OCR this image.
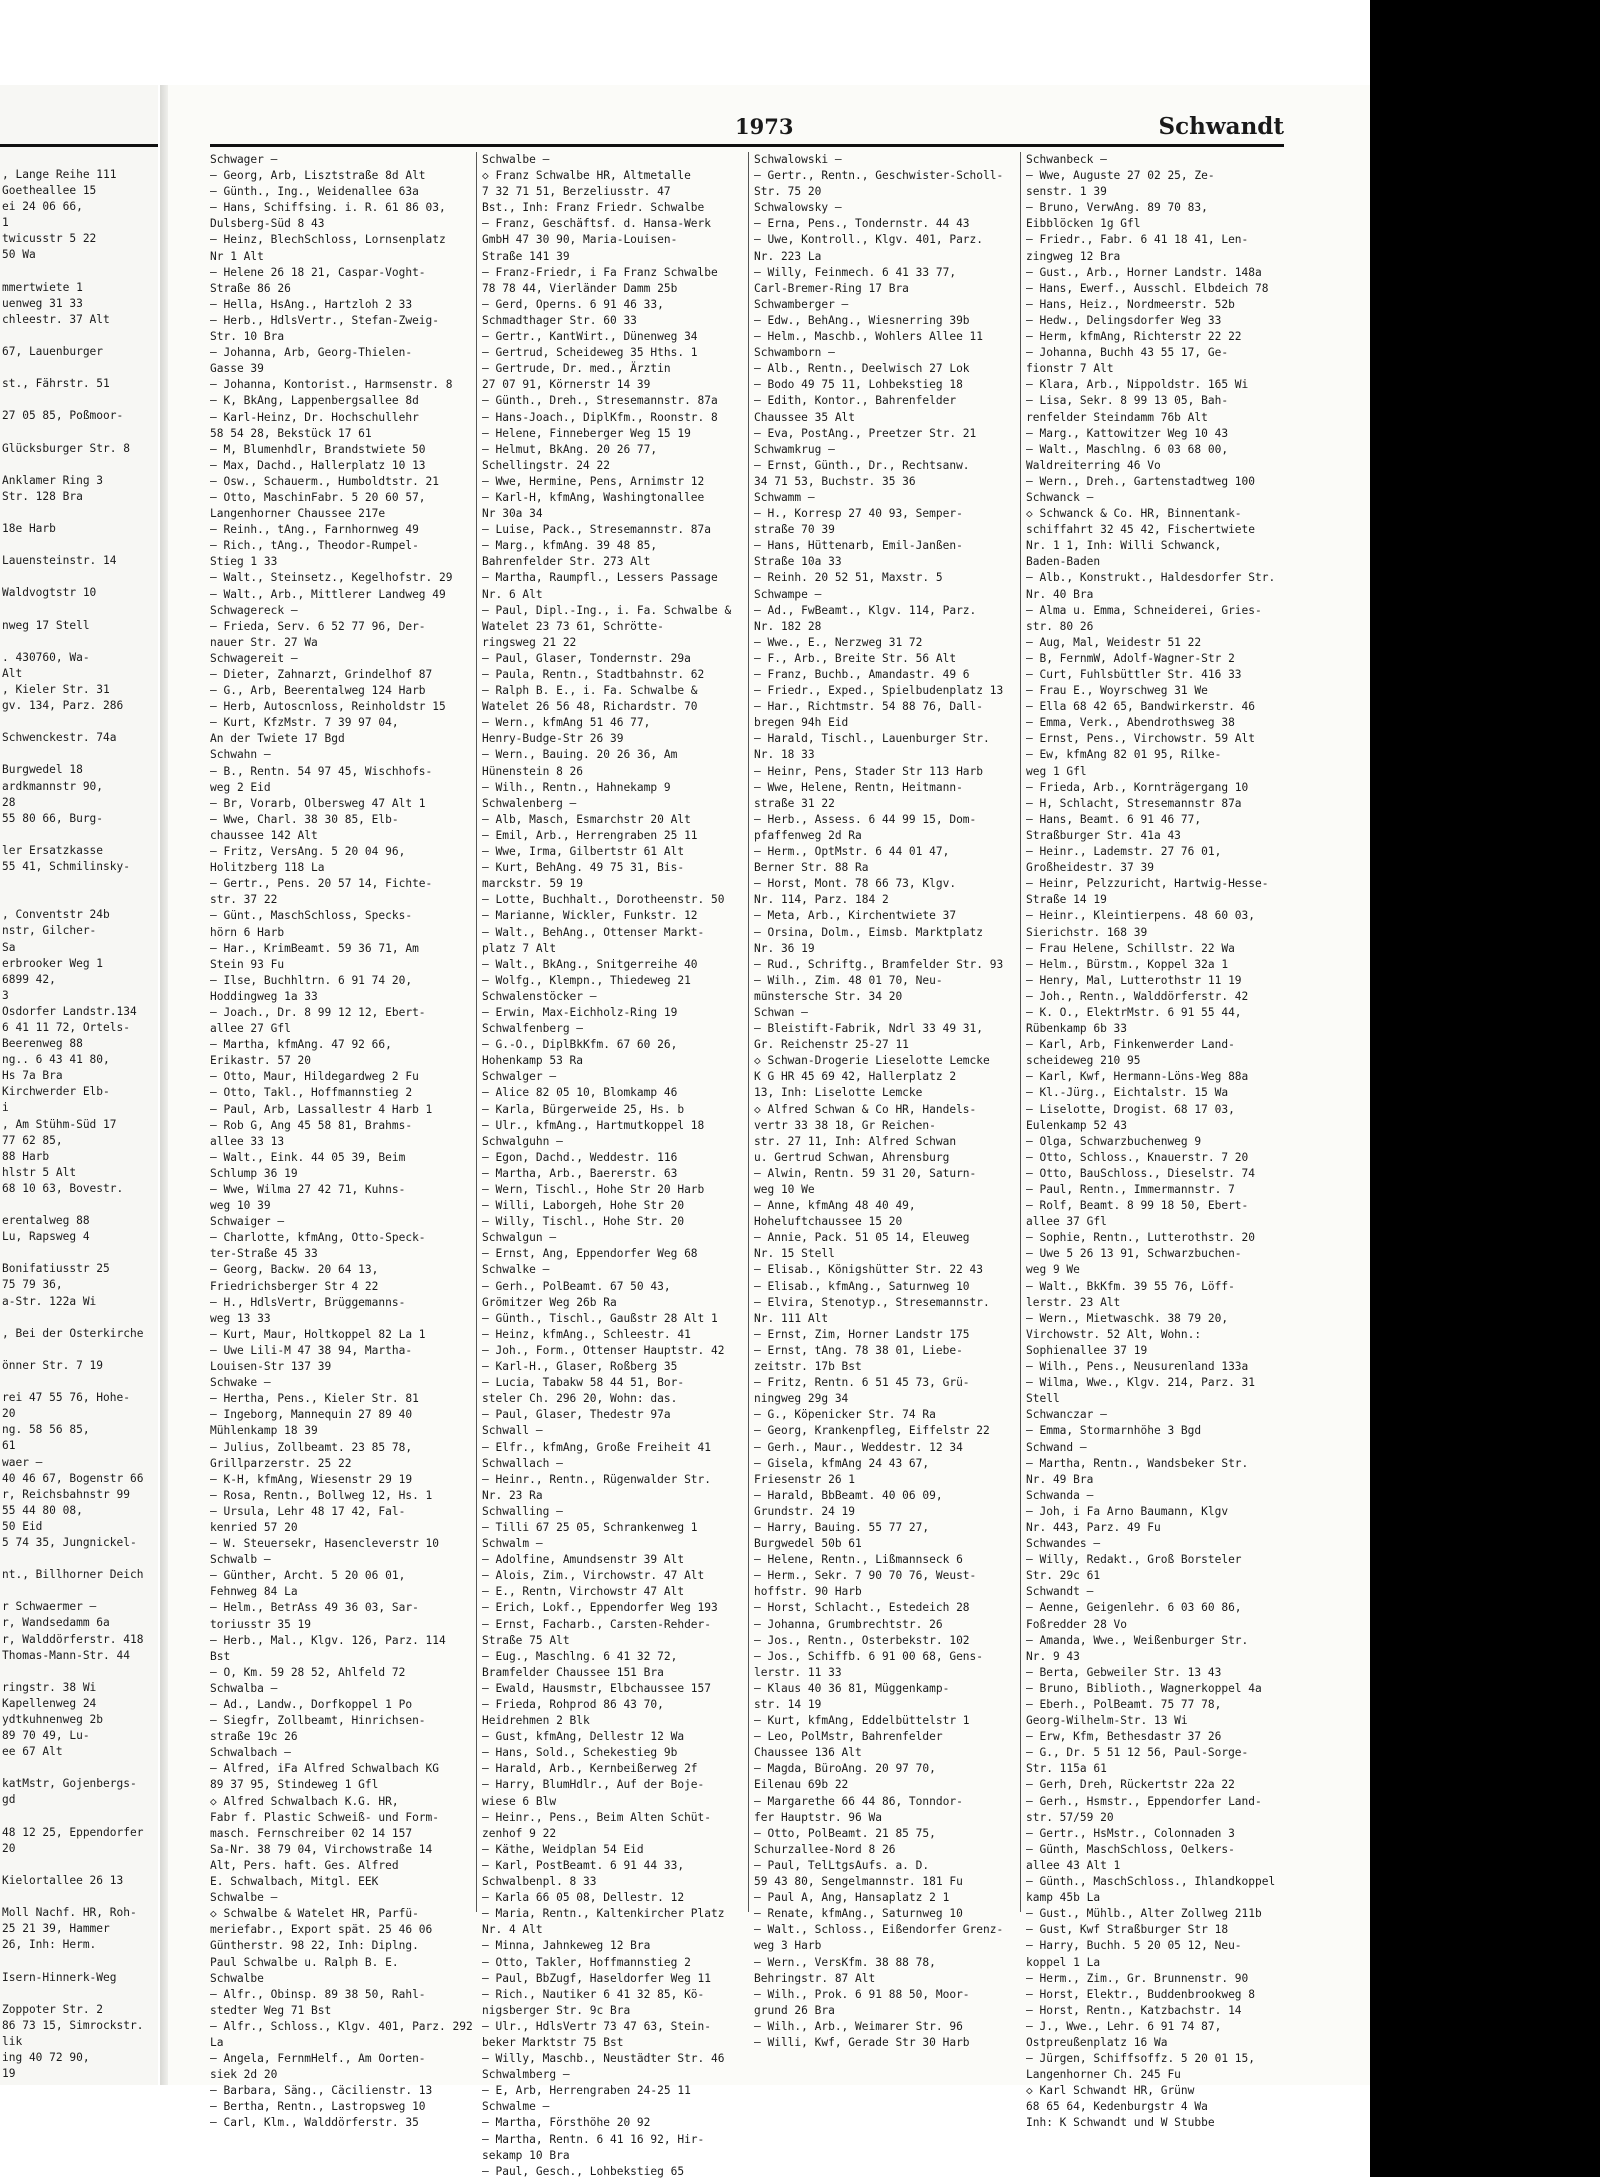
, Lange Reihe 111
Goetheallee 15
ei 24 06 66,
1
twicusstr 5 22
50 Wa
mmertwiete 1
uenweg 31 33
chleestr. 37 Alt
67, Lauenburger
st., Fährstr. 51
27 05 85, Poßmoor-
Glücksburger Str. 8
Anklamer Ring 3
Str. 128 Bra
18e Harb
Lauensteinstr. 14
Waldvogtstr 10
nweg 17 Stell
. 430760, Wa-
Alt
, Kieler Str. 31
gv. 134, Parz. 286
Schwenckestr. 74a
Burgwedel 18
ardkmannstr 90,
28
55 80 66, Burg-
ler Ersatzkasse
55 41, Schmilinsky-
, Conventstr 24b
nstr, Gilcher-
Sa
erbrooker Weg 1
6899 42,
3
Osdorfer Landstr.134
6 41 11 72, Ortels-
Beerenweg 88
ng.. 6 43 41 80,
Hs 7a Bra
Kirchwerder Elb-
i
, Am Stühm-Süd 17
77 62 85,
88 Harb
hlstr 5 Alt
68 10 63, Bovestr.
erentalweg 88
Lu, Rapsweg 4
Bonifatiusstr 25
75 79 36,
a-Str. 122a Wi
, Bei der Osterkirche
önner Str. 7 19
rei 47 55 76, Hohe-
20
ng. 58 56 85,
61
waer —
40 46 67, Bogenstr 66
r, Reichsbahnstr 99
55 44 80 08,
50 Eid
5 74 35, Jungnickel-
nt., Billhorner Deich
r Schwaermer —
r, Wandsedamm 6a
r, Walddörferstr. 418
Thomas-Mann-Str. 44
ringstr. 38 Wi
Kapellenweg 24
ydtkuhnenweg 2b
89 70 49, Lu-
ee 67 Alt
katMstr, Gojenbergs-
gd
48 12 25, Eppendorfer
20
Kielortallee 26 13
Moll Nachf. HR, Roh-
25 21 39, Hammer
26, Inh: Herm.
Isern-Hinnerk-Weg
Zoppoter Str. 2
86 73 15, Simrockstr.
lik
ing 40 72 90,
19
1973	Schwandt
Schwager —
— Georg, Arb, Lisztstraße 8d Alt
— Günth., Ing., Weidenallee 63a
— Hans, Schiffsing. i. R. 61 86 03,
Dulsberg-Süd 8 43
— Heinz, BlechSchloss, Lornsenplatz
Nr 1 Alt
— Helene 26 18 21, Caspar-Voght-
Straße 86 26
— Hella, HsAng., Hartzloh 2 33
— Herb., HdlsVertr., Stefan-Zweig-
Str. 10 Bra
— Johanna, Arb, Georg-Thielen-
Gasse 39
— Johanna, Kontorist., Harmsenstr. 8
— K, BkAng, Lappenbergsallee 8d
— Karl-Heinz, Dr. Hochschullehr
58 54 28, Bekstück 17 61
— M, Blumenhdlr, Brandstwiete 50
— Max, Dachd., Hallerplatz 10 13
— Osw., Schauerm., Humboldtstr. 21
— Otto, MaschinFabr. 5 20 60 57,
Langenhorner Chaussee 217e
— Reinh., tAng., Farnhornweg 49
— Rich., tAng., Theodor-Rumpel-
Stieg 1 33
— Walt., Steinsetz., Kegelhofstr. 29
— Walt., Arb., Mittlerer Landweg 49
Schwagereck —
— Frieda, Serv. 6 52 77 96, Der-
nauer Str. 27 Wa
Schwagereit —
— Dieter, Zahnarzt, Grindelhof 87
— G., Arb, Beerentalweg 124 Harb
— Herb, Autoscnloss, Reinholdstr 15
— Kurt, KfzMstr. 7 39 97 04,
An der Twiete 17 Bgd
Schwahn —
— B., Rentn. 54 97 45, Wischhofs-
weg 2 Eid
— Br, Vorarb, Olbersweg 47 Alt 1
— Wwe, Charl. 38 30 85, Elb-
chaussee 142 Alt
— Fritz, VersAng. 5 20 04 96,
Holitzberg 118 La
— Gertr., Pens. 20 57 14, Fichte-
str. 37 22
— Günt., MaschSchloss, Specks-
hörn 6 Harb
— Har., KrimBeamt. 59 36 71, Am
Stein 93 Fu
— Ilse, Buchhltrn. 6 91 74 20,
Hoddingweg 1a 33
— Joach., Dr. 8 99 12 12, Ebert-
allee 27 Gfl
— Martha, kfmAng. 47 92 66,
Erikastr. 57 20
— Otto, Maur, Hildegardweg 2 Fu
— Otto, Takl., Hoffmannstieg 2
— Paul, Arb, Lassallestr 4 Harb 1
— Rob G, Ang 45 58 81, Brahms-
allee 33 13
— Walt., Eink. 44 05 39, Beim
Schlump 36 19
— Wwe, Wilma 27 42 71, Kuhns-
weg 10 39
Schwaiger —
— Charlotte, kfmAng, Otto-Speck-
ter-Straße 45 33
— Georg, Backw. 20 64 13,
Friedrichsberger Str 4 22
— H., HdlsVertr, Brüggemanns-
weg 13 33
— Kurt, Maur, Holtkoppel 82 La 1
— Uwe Lili-M 47 38 94, Martha-
Louisen-Str 137 39
Schwake —
— Hertha, Pens., Kieler Str. 81
— Ingeborg, Mannequin 27 89 40
Mühlenkamp 18 39
— Julius, Zollbeamt. 23 85 78,
Grillparzerstr. 25 22
— K-H, kfmAng, Wiesenstr 29 19
— Rosa, Rentn., Bollweg 12, Hs. 1
— Ursula, Lehr 48 17 42, Fal-
kenried 57 20
— W. Steuersekr, Hasencleverstr 10
Schwalb —
— Günther, Archt. 5 20 06 01,
Fehnweg 84 La
— Helm., BetrAss 49 36 03, Sar-
toriusstr 35 19
— Herb., Mal., Klgv. 126, Parz. 114
Bst
— O, Km. 59 28 52, Ahlfeld 72
Schwalba —
— Ad., Landw., Dorfkoppel 1 Po
— Siegfr, Zollbeamt, Hinrichsen-
straße 19c 26
Schwalbach —
— Alfred, iFa Alfred Schwalbach KG
89 37 95, Stindeweg 1 Gfl
◇ Alfred Schwalbach K.G. HR,
Fabr f. Plastic Schweiß- und Form-
masch. Fernschreiber 02 14 157
Sa-Nr. 38 79 04, Virchowstraße 14
Alt, Pers. haft. Ges. Alfred
E. Schwalbach, Mitgl. EEK
Schwalbe —
◇ Schwalbe & Watelet HR, Parfü-
meriefabr., Export spät. 25 46 06
Güntherstr. 98 22, Inh: Diplng.
Paul Schwalbe u. Ralph B. E.
Schwalbe
— Alfr., Obinsp. 89 38 50, Rahl-
stedter Weg 71 Bst
— Alfr., Schloss., Klgv. 401, Parz. 292
La
— Angela, FernmHelf., Am Oorten-
siek 2d 20
— Barbara, Säng., Cäcilienstr. 13
— Bertha, Rentn., Lastropsweg 10
— Carl, Klm., Walddörferstr. 35
Schwalbe —
◇ Franz Schwalbe HR, Altmetalle
7 32 71 51, Berzeliusstr. 47
Bst., Inh: Franz Friedr. Schwalbe
— Franz, Geschäftsf. d. Hansa-Werk
GmbH 47 30 90, Maria-Louisen-
Straße 141 39
— Franz-Friedr, i Fa Franz Schwalbe
78 78 44, Vierländer Damm 25b
— Gerd, Operns. 6 91 46 33,
Schmadthager Str. 60 33
— Gertr., KantWirt., Dünenweg 34
— Gertrud, Scheideweg 35 Hths. 1
— Gertrude, Dr. med., Ärztin
27 07 91, Körnerstr 14 39
— Günth., Dreh., Stresemannstr. 87a
— Hans-Joach., DiplKfm., Roonstr. 8
— Helene, Finneberger Weg 15 19
— Helmut, BkAng. 20 26 77,
Schellingstr. 24 22
— Wwe, Hermine, Pens, Arnimstr 12
— Karl-H, kfmAng, Washingtonallee
Nr 30a 34
— Luise, Pack., Stresemannstr. 87a
— Marg., kfmAng. 39 48 85,
Bahrenfelder Str. 273 Alt
— Martha, Raumpfl., Lessers Passage
Nr. 6 Alt
— Paul, Dipl.-Ing., i. Fa. Schwalbe &
Watelet 23 73 61, Schrötte-
ringsweg 21 22
— Paul, Glaser, Tondernstr. 29a
— Paula, Rentn., Stadtbahnstr. 62
— Ralph B. E., i. Fa. Schwalbe &
Watelet 26 56 48, Richardstr. 70
— Wern., kfmAng 51 46 77,
Henry-Budge-Str 26 39
— Wern., Bauing. 20 26 36, Am
Hünenstein 8 26
— Wilh., Rentn., Hahnekamp 9
Schwalenberg —
— Alb, Masch, Esmarchstr 20 Alt
— Emil, Arb., Herrengraben 25 11
— Wwe, Irma, Gilbertstr 61 Alt
— Kurt, BehAng. 49 75 31, Bis-
marckstr. 59 19
— Lotte, Buchhalt., Dorotheenstr. 50
— Marianne, Wickler, Funkstr. 12
— Walt., BehAng., Ottenser Markt-
platz 7 Alt
— Walt., BkAng., Snitgerreihe 40
— Wolfg., Klempn., Thiedeweg 21
Schwalenstöcker —
— Erwin, Max-Eichholz-Ring 19
Schwalfenberg —
— G.-O., DiplBkKfm. 67 60 26,
Hohenkamp 53 Ra
Schwalger —
— Alice 82 05 10, Blomkamp 46
— Karla, Bürgerweide 25, Hs. b
— Ulr., kfmAng., Hartmutkoppel 18
Schwalguhn —
— Egon, Dachd., Weddestr. 116
— Martha, Arb., Baererstr. 63
— Wern, Tischl., Hohe Str 20 Harb
— Willi, Laborgeh, Hohe Str 20
— Willy, Tischl., Hohe Str. 20
Schwalgun —
— Ernst, Ang, Eppendorfer Weg 68
Schwalke —
— Gerh., PolBeamt. 67 50 43,
Grömitzer Weg 26b Ra
— Günth., Tischl., Gaußstr 28 Alt 1
— Heinz, kfmAng., Schleestr. 41
— Joh., Form., Ottenser Hauptstr. 42
— Karl-H., Glaser, Roßberg 35
— Lucia, Tabakw 58 44 51, Bor-
steler Ch. 296 20, Wohn: das.
— Paul, Glaser, Thedestr 97a
Schwall —
— Elfr., kfmAng, Große Freiheit 41
Schwallach —
— Heinr., Rentn., Rügenwalder Str.
Nr. 23 Ra
Schwalling —
— Tilli 67 25 05, Schrankenweg 1
Schwalm —
— Adolfine, Amundsenstr 39 Alt
— Alois, Zim., Virchowstr. 47 Alt
— E., Rentn, Virchowstr 47 Alt
— Erich, Lokf., Eppendorfer Weg 193
— Ernst, Facharb., Carsten-Rehder-
Straße 75 Alt
— Eug., Maschlng. 6 41 32 72,
Bramfelder Chaussee 151 Bra
— Ewald, Hausmstr, Elbchaussee 157
— Frieda, Rohprod 86 43 70,
Heidrehmen 2 Blk
— Gust, kfmAng, Dellestr 12 Wa
— Hans, Sold., Schekestieg 9b
— Harald, Arb., Kernbeißerweg 2f
— Harry, BlumHdlr., Auf der Boje-
wiese 6 Blw
— Heinr., Pens., Beim Alten Schüt-
zenhof 9 22
— Käthe, Weidplan 54 Eid
— Karl, PostBeamt. 6 91 44 33,
Schwalbenpl. 8 33
— Karla 66 05 08, Dellestr. 12
— Maria, Rentn., Kaltenkircher Platz
Nr. 4 Alt
— Minna, Jahnkeweg 12 Bra
— Otto, Takler, Hoffmannstieg 2
— Paul, BbZugf, Haseldorfer Weg 11
— Rich., Nautiker 6 41 32 85, Kö-
nigsberger Str. 9c Bra
— Ulr., HdlsVertr 73 47 63, Stein-
beker Marktstr 75 Bst
— Willy, Maschb., Neustädter Str. 46
Schwalmberg —
— E, Arb, Herrengraben 24-25 11
Schwalme —
— Martha, Försthöhe 20 92
— Martha, Rentn. 6 41 16 92, Hir-
sekamp 10 Bra
— Paul, Gesch., Lohbekstieg 65
Schwalowski —
— Gertr., Rentn., Geschwister-Scholl-
Str. 75 20
Schwalowsky —
— Erna, Pens., Tondernstr. 44 43
— Uwe, Kontroll., Klgv. 401, Parz.
Nr. 223 La
— Willy, Feinmech. 6 41 33 77,
Carl-Bremer-Ring 17 Bra
Schwamberger —
— Edw., BehAng., Wiesnerring 39b
— Helm., Maschb., Wohlers Allee 11
Schwamborn —
— Alb., Rentn., Deelwisch 27 Lok
— Bodo 49 75 11, Lohbekstieg 18
— Edith, Kontor., Bahrenfelder
Chaussee 35 Alt
— Eva, PostAng., Preetzer Str. 21
Schwamkrug —
— Ernst, Günth., Dr., Rechtsanw.
34 71 53, Buchstr. 35 36
Schwamm —
— H., Korresp 27 40 93, Semper-
straße 70 39
— Hans, Hüttenarb, Emil-Janßen-
Straße 10a 33
— Reinh. 20 52 51, Maxstr. 5
Schwampe —
— Ad., FwBeamt., Klgv. 114, Parz.
Nr. 182 28
— Wwe., E., Nerzweg 31 72
— F., Arb., Breite Str. 56 Alt
— Franz, Buchb., Amandastr. 49 6
— Friedr., Exped., Spielbudenplatz 13
— Har., Richtmstr. 54 88 76, Dall-
bregen 94h Eid
— Harald, Tischl., Lauenburger Str.
Nr. 18 33
— Heinr, Pens, Stader Str 113 Harb
— Wwe, Helene, Rentn, Heitmann-
straße 31 22
— Herb., Assess. 6 44 99 15, Dom-
pfaffenweg 2d Ra
— Herm., OptMstr. 6 44 01 47,
Berner Str. 88 Ra
— Horst, Mont. 78 66 73, Klgv.
Nr. 114, Parz. 184 2
— Meta, Arb., Kirchentwiete 37
— Orsina, Dolm., Eimsb. Marktplatz
Nr. 36 19
— Rud., Schriftg., Bramfelder Str. 93
— Wilh., Zim. 48 01 70, Neu-
münstersche Str. 34 20
Schwan —
— Bleistift-Fabrik, Ndrl 33 49 31,
Gr. Reichenstr 25-27 11
◇ Schwan-Drogerie Lieselotte Lemcke
K G HR 45 69 42, Hallerplatz 2
13, Inh: Liselotte Lemcke
◇ Alfred Schwan & Co HR, Handels-
vertr 33 38 18, Gr Reichen-
str. 27 11, Inh: Alfred Schwan
u. Gertrud Schwan, Ahrensburg
— Alwin, Rentn. 59 31 20, Saturn-
weg 10 We
— Anne, kfmAng 48 40 49,
Hoheluftchaussee 15 20
— Annie, Pack. 51 05 14, Eleuweg
Nr. 15 Stell
— Elisab., Königshütter Str. 22 43
— Elisab., kfmAng., Saturnweg 10
— Elvira, Stenotyp., Stresemannstr.
Nr. 111 Alt
— Ernst, Zim, Horner Landstr 175
— Ernst, tAng. 78 38 01, Liebe-
zeitstr. 17b Bst
— Fritz, Rentn. 6 51 45 73, Grü-
ningweg 29g 34
— G., Köpenicker Str. 74 Ra
— Georg, Krankenpfleg, Eiffelstr 22
— Gerh., Maur., Weddestr. 12 34
— Gisela, kfmAng 24 43 67,
Friesenstr 26 1
— Harald, BbBeamt. 40 06 09,
Grundstr. 24 19
— Harry, Bauing. 55 77 27,
Burgwedel 50b 61
— Helene, Rentn., Lißmannseck 6
— Herm., Sekr. 7 90 70 76, Weust-
hoffstr. 90 Harb
— Horst, Schlacht., Estedeich 28
— Johanna, Grumbrechtstr. 26
— Jos., Rentn., Osterbekstr. 102
— Jos., Schiffb. 6 91 00 68, Gens-
lerstr. 11 33
— Klaus 40 36 81, Müggenkamp-
str. 14 19
— Kurt, kfmAng, Eddelbüttelstr 1
— Leo, PolMstr, Bahrenfelder
Chaussee 136 Alt
— Magda, BüroAng. 20 97 70,
Eilenau 69b 22
— Margarethe 66 44 86, Tonndor-
fer Hauptstr. 96 Wa
— Otto, PolBeamt. 21 85 75,
Schurzallee-Nord 8 26
— Paul, TelLtgsAufs. a. D.
59 43 80, Sengelmannstr. 181 Fu
— Paul A, Ang, Hansaplatz 2 1
— Renate, kfmAng., Saturnweg 10
— Walt., Schloss., Eißendorfer Grenz-
weg 3 Harb
— Wern., VersKfm. 38 88 78,
Behringstr. 87 Alt
— Wilh., Prok. 6 91 88 50, Moor-
grund 26 Bra
— Wilh., Arb., Weimarer Str. 96
— Willi, Kwf, Gerade Str 30 Harb
Schwanbeck —
— Wwe, Auguste 27 02 25, Ze-
senstr. 1 39
— Bruno, VerwAng. 89 70 83,
Eibblöcken 1g Gfl
— Friedr., Fabr. 6 41 18 41, Len-
zingweg 12 Bra
— Gust., Arb., Horner Landstr. 148a
— Hans, Ewerf., Ausschl. Elbdeich 78
— Hans, Heiz., Nordmeerstr. 52b
— Hedw., Delingsdorfer Weg 33
— Herm, kfmAng, Richterstr 22 22
— Johanna, Buchh 43 55 17, Ge-
fionstr 7 Alt
— Klara, Arb., Nippoldstr. 165 Wi
— Lisa, Sekr. 8 99 13 05, Bah-
renfelder Steindamm 76b Alt
— Marg., Kattowitzer Weg 10 43
— Walt., Maschlng. 6 03 68 00,
Waldreiterring 46 Vo
— Wern., Dreh., Gartenstadtweg 100
Schwanck —
◇ Schwanck & Co. HR, Binnentank-
schiffahrt 32 45 42, Fischertwiete
Nr. 1 1, Inh: Willi Schwanck,
Baden-Baden
— Alb., Konstrukt., Haldesdorfer Str.
Nr. 40 Bra
— Alma u. Emma, Schneiderei, Gries-
str. 80 26
— Aug, Mal, Weidestr 51 22
— B, FernmW, Adolf-Wagner-Str 2
— Curt, Fuhlsbüttler Str. 416 33
— Frau E., Woyrschweg 31 We
— Ella 68 42 65, Bandwirkerstr. 46
— Emma, Verk., Abendrothsweg 38
— Ernst, Pens., Virchowstr. 59 Alt
— Ew, kfmAng 82 01 95, Rilke-
weg 1 Gfl
— Frieda, Arb., Kornträgergang 10
— H, Schlacht, Stresemannstr 87a
— Hans, Beamt. 6 91 46 77,
Straßburger Str. 41a 43
— Heinr., Lademstr. 27 76 01,
Großheidestr. 37 39
— Heinr, Pelzzuricht, Hartwig-Hesse-
Straße 14 19
— Heinr., Kleintierpens. 48 60 03,
Sierichstr. 168 39
— Frau Helene, Schillstr. 22 Wa
— Helm., Bürstm., Koppel 32a 1
— Henry, Mal, Lutterothstr 11 19
— Joh., Rentn., Walddörferstr. 42
— K. O., ElektrMstr. 6 91 55 44,
Rübenkamp 6b 33
— Karl, Arb, Finkenwerder Land-
scheideweg 210 95
— Karl, Kwf, Hermann-Löns-Weg 88a
— Kl.-Jürg., Eichtalstr. 15 Wa
— Liselotte, Drogist. 68 17 03,
Eulenkamp 52 43
— Olga, Schwarzbuchenweg 9
— Otto, Schloss., Knauerstr. 7 20
— Otto, BauSchloss., Dieselstr. 74
— Paul, Rentn., Immermannstr. 7
— Rolf, Beamt. 8 99 18 50, Ebert-
allee 37 Gfl
— Sophie, Rentn., Lutterothstr. 20
— Uwe 5 26 13 91, Schwarzbuchen-
weg 9 We
— Walt., BkKfm. 39 55 76, Löff-
lerstr. 23 Alt
— Wern., Mietwaschk. 38 79 20,
Virchowstr. 52 Alt, Wohn.:
Sophienallee 37 19
— Wilh., Pens., Neusurenland 133a
— Wilma, Wwe., Klgv. 214, Parz. 31
Stell
Schwanczar —
— Emma, Stormarnhöhe 3 Bgd
Schwand —
— Martha, Rentn., Wandsbeker Str.
Nr. 49 Bra
Schwanda —
— Joh, i Fa Arno Baumann, Klgv
Nr. 443, Parz. 49 Fu
Schwandes —
— Willy, Redakt., Groß Borsteler
Str. 29c 61
Schwandt —
— Aenne, Geigenlehr. 6 03 60 86,
Foßredder 28 Vo
— Amanda, Wwe., Weißenburger Str.
Nr. 9 43
— Berta, Gebweiler Str. 13 43
— Bruno, Biblioth., Wagnerkoppel 4a
— Eberh., PolBeamt. 75 77 78,
Georg-Wilhelm-Str. 13 Wi
— Erw, Kfm, Bethesdastr 37 26
— G., Dr. 5 51 12 56, Paul-Sorge-
Str. 115a 61
— Gerh, Dreh, Rückertstr 22a 22
— Gerh., Hsmstr., Eppendorfer Land-
str. 57/59 20
— Gertr., HsMstr., Colonnaden 3
— Günth, MaschSchloss, Oelkers-
allee 43 Alt 1
— Günth., MaschSchloss., Ihlandkoppel
kamp 45b La
— Gust., Mühlb., Alter Zollweg 211b
— Gust, Kwf Straßburger Str 18
— Harry, Buchh. 5 20 05 12, Neu-
koppel 1 La
— Herm., Zim., Gr. Brunnenstr. 90
— Horst, Elektr., Buddenbrookweg 8
— Horst, Rentn., Katzbachstr. 14
— J., Wwe., Lehr. 6 91 74 87,
Ostpreußenplatz 16 Wa
— Jürgen, Schiffsoffz. 5 20 01 15,
Langenhorner Ch. 245 Fu
◇ Karl Schwandt HR, Grünw
68 65 64, Kedenburgstr 4 Wa
Inh: K Schwandt und W Stubbe
